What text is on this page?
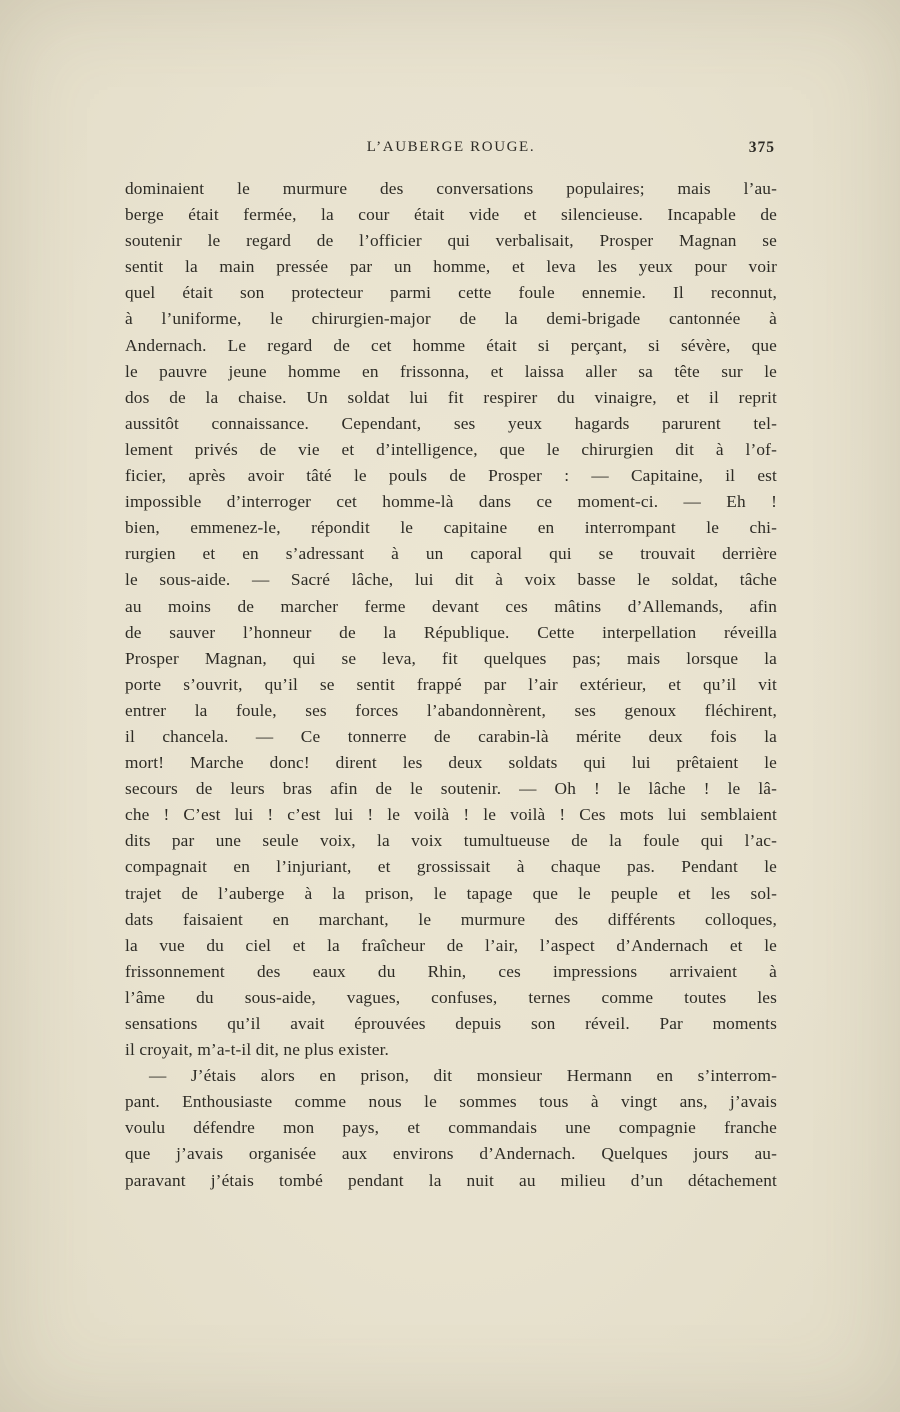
L’AUBERGE ROUGE.	375
dominaient le murmure des conversations populaires; mais l’au-
berge était fermée, la cour était vide et silencieuse. Incapable de
soutenir le regard de l’officier qui verbalisait, Prosper Magnan se
sentit la main pressée par un homme, et leva les yeux pour voir
quel était son protecteur parmi cette foule ennemie. Il reconnut,
à l’uniforme, le chirurgien-major de la demi-brigade cantonnée à
Andernach. Le regard de cet homme était si perçant, si sévère, que
le pauvre jeune homme en frissonna, et laissa aller sa tête sur le
dos de la chaise. Un soldat lui fit respirer du vinaigre, et il reprit
aussitôt connaissance. Cependant, ses yeux hagards parurent tel-
lement privés de vie et d’intelligence, que le chirurgien dit à l’of-
ficier, après avoir tâté le pouls de Prosper : — Capitaine, il est
impossible d’interroger cet homme-là dans ce moment-ci. — Eh !
bien, emmenez-le, répondit le capitaine en interrompant le chi-
rurgien et en s’adressant à un caporal qui se trouvait derrière
le sous-aide. — Sacré lâche, lui dit à voix basse le soldat, tâche
au moins de marcher ferme devant ces mâtins d’Allemands, afin
de sauver l’honneur de la République. Cette interpellation réveilla
Prosper Magnan, qui se leva, fit quelques pas; mais lorsque la
porte s’ouvrit, qu’il se sentit frappé par l’air extérieur, et qu’il vit
entrer la foule, ses forces l’abandonnèrent, ses genoux fléchirent,
il chancela. — Ce tonnerre de carabin-là mérite deux fois la
mort! Marche donc! dirent les deux soldats qui lui prêtaient le
secours de leurs bras afin de le soutenir. — Oh ! le lâche ! le lâ-
che ! C’est lui ! c’est lui ! le voilà ! le voilà ! Ces mots lui semblaient
dits par une seule voix, la voix tumultueuse de la foule qui l’ac-
compagnait en l’injuriant, et grossissait à chaque pas. Pendant le
trajet de l’auberge à la prison, le tapage que le peuple et les sol-
dats faisaient en marchant, le murmure des différents colloques,
la vue du ciel et la fraîcheur de l’air, l’aspect d’Andernach et le
frissonnement des eaux du Rhin, ces impressions arrivaient à
l’âme du sous-aide, vagues, confuses, ternes comme toutes les
sensations qu’il avait éprouvées depuis son réveil. Par moments
il croyait, m’a-t-il dit, ne plus exister.
— J’étais alors en prison, dit monsieur Hermann en s’interrom-
pant. Enthousiaste comme nous le sommes tous à vingt ans, j’avais
voulu défendre mon pays, et commandais une compagnie franche
que j’avais organisée aux environs d’Andernach. Quelques jours au-
paravant j’étais tombé pendant la nuit au milieu d’un détachement
